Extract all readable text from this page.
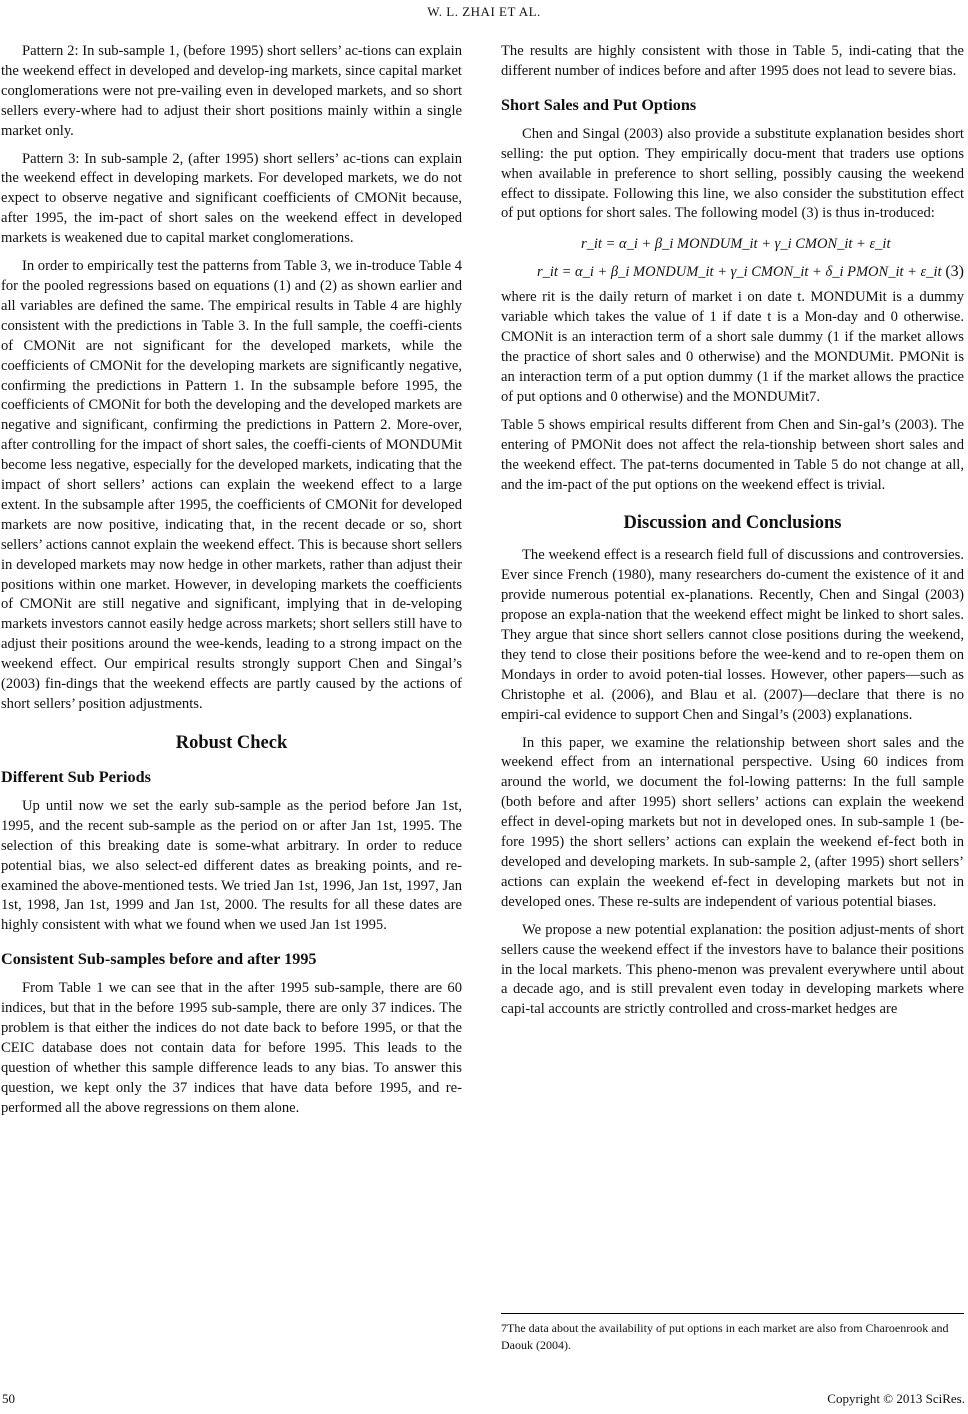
W. L. ZHAI ET AL.

Pattern 2: In sub-sample 1, (before 1995) short sellers’ ac-tions can explain the weekend effect in developed and develop-ing markets, since capital market conglomerations were not pre-vailing even in developed markets, and so short sellers every-where had to adjust their short positions mainly within a single market only.

Pattern 3: In sub-sample 2, (after 1995) short sellers’ ac-tions can explain the weekend effect in developing markets. For developed markets, we do not expect to observe negative and significant coefficients of CMONit because, after 1995, the im-pact of short sales on the weekend effect in developed markets is weakened due to capital market conglomerations.

In order to empirically test the patterns from Table 3, we in-troduce Table 4 for the pooled regressions based on equations (1) and (2) as shown earlier and all variables are defined the same. The empirical results in Table 4 are highly consistent with the predictions in Table 3. In the full sample, the coeffi-cients of CMONit are not significant for the developed markets, while the coefficients of CMONit for the developing markets are significantly negative, confirming the predictions in Pattern 1. In the subsample before 1995, the coefficients of CMONit for both the developing and the developed markets are negative and significant, confirming the predictions in Pattern 2. More-over, after controlling for the impact of short sales, the coeffi-cients of MONDUMit become less negative, especially for the developed markets, indicating that the impact of short sellers’ actions can explain the weekend effect to a large extent. In the subsample after 1995, the coefficients of CMONit for developed markets are now positive, indicating that, in the recent decade or so, short sellers’ actions cannot explain the weekend effect. This is because short sellers in developed markets may now hedge in other markets, rather than adjust their positions within one market. However, in developing markets the coefficients of CMONit are still negative and significant, implying that in de-veloping markets investors cannot easily hedge across markets; short sellers still have to adjust their positions around the wee-kends, leading to a strong impact on the weekend effect. Our empirical results strongly support Chen and Singal’s (2003) fin-dings that the weekend effects are partly caused by the actions of short sellers’ position adjustments.

Robust Check
Different Sub Periods

Up until now we set the early sub-sample as the period before Jan 1st, 1995, and the recent sub-sample as the period on or after Jan 1st, 1995. The selection of this breaking date is some-what arbitrary. In order to reduce potential bias, we also select-ed different dates as breaking points, and re-examined the above-mentioned tests. We tried Jan 1st, 1996, Jan 1st, 1997, Jan 1st, 1998, Jan 1st, 1999 and Jan 1st, 2000. The results for all these dates are highly consistent with what we found when we used Jan 1st 1995.

Consistent Sub-samples before and after 1995

From Table 1 we can see that in the after 1995 sub-sample, there are 60 indices, but that in the before 1995 sub-sample, there are only 37 indices. The problem is that either the indices do not date back to before 1995, or that the CEIC database does not contain data for before 1995. This leads to the question of whether this sample difference leads to any bias. To answer this question, we kept only the 37 indices that have data before 1995, and re-performed all the above regressions on them alone.

The results are highly consistent with those in Table 5, indi-cating that the different number of indices before and after 1995 does not lead to severe bias.

Short Sales and Put Options

Chen and Singal (2003) also provide a substitute explanation besides short selling: the put option. They empirically docu-ment that traders use options when available in preference to short selling, possibly causing the weekend effect to dissipate. Following this line, we also consider the substitution effect of put options for short sales. The following model (3) is thus in-troduced:

r_it = α_i + β_i MONDUM_it + γ_i CMON_it + ε_it
r_it = α_i + β_i MONDUM_it + γ_i CMON_it + δ_i PMON_it + ε_it (3)

where rit is the daily return of market i on date t. MONDUMit is a dummy variable which takes the value of 1 if date t is a Mon-day and 0 otherwise. CMONit is an interaction term of a short sale dummy (1 if the market allows the practice of short sales and 0 otherwise) and the MONDUMit. PMONit is an interaction term of a put option dummy (1 if the market allows the practice of put options and 0 otherwise) and the MONDUMit7.

Table 5 shows empirical results different from Chen and Sin-gal’s (2003). The entering of PMONit does not affect the rela-tionship between short sales and the weekend effect. The pat-terns documented in Table 5 do not change at all, and the im-pact of the put options on the weekend effect is trivial.

Discussion and Conclusions

The weekend effect is a research field full of discussions and controversies. Ever since French (1980), many researchers do-cument the existence of it and provide numerous potential ex-planations. Recently, Chen and Singal (2003) propose an expla-nation that the weekend effect might be linked to short sales. They argue that since short sellers cannot close positions during the weekend, they tend to close their positions before the wee-kend and to re-open them on Mondays in order to avoid poten-tial losses. However, other papers—such as Christophe et al. (2006), and Blau et al. (2007)—declare that there is no empiri-cal evidence to support Chen and Singal’s (2003) explanations.

In this paper, we examine the relationship between short sales and the weekend effect from an international perspective. Using 60 indices from around the world, we document the fol-lowing patterns: In the full sample (both before and after 1995) short sellers’ actions can explain the weekend effect in devel-oping markets but not in developed ones. In sub-sample 1 (be-fore 1995) the short sellers’ actions can explain the weekend ef-fect both in developed and developing markets. In sub-sample 2, (after 1995) short sellers’ actions can explain the weekend ef-fect in developing markets but not in developed ones. These re-sults are independent of various potential biases.

We propose a new potential explanation: the position adjust-ments of short sellers cause the weekend effect if the investors have to balance their positions in the local markets. This pheno-menon was prevalent everywhere until about a decade ago, and is still prevalent even today in developing markets where capi-tal accounts are strictly controlled and cross-market hedges are

7The data about the availability of put options in each market are also from Charoenrook and Daouk (2004).
50	Copyright © 2013 SciRes.
